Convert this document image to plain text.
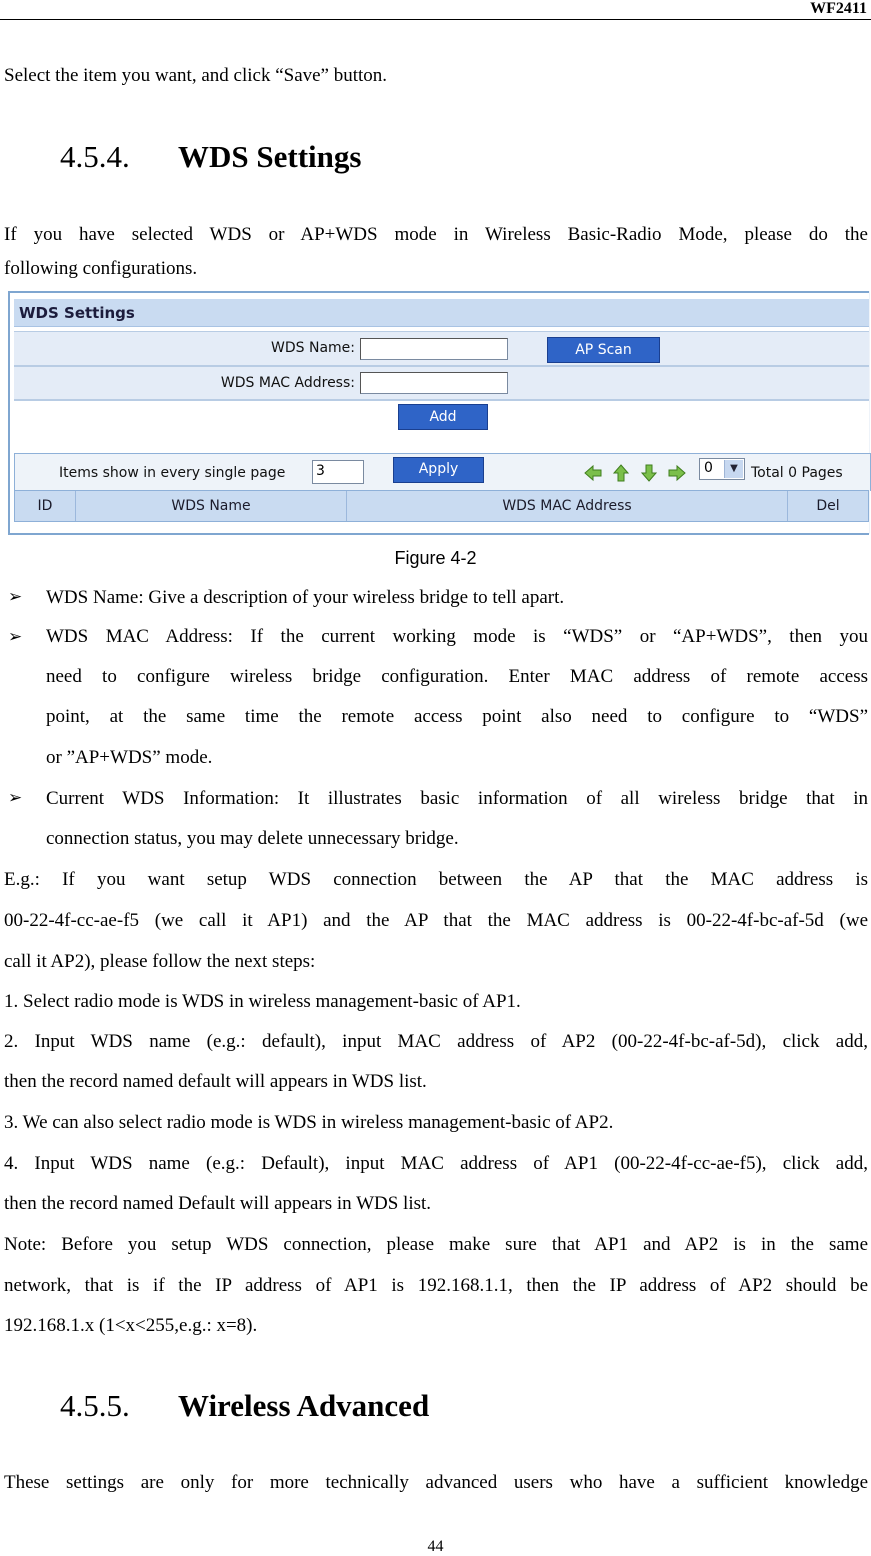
WF2411
Select the item you want, and click “Save” button.
4.5.4. WDS Settings
If you have selected WDS or AP+WDS mode in Wireless Basic-Radio Mode, please do the
following configurations.
WDS Settings
WDS Name:	AP Scan
WDS MAC Address:
Add
Items show in every single page 3	Apply	0	▼ Total 0 Pages
ID	WDS Name	WDS MAC Address	Del
Figure 4-2
➢ WDS Name: Give a description of your wireless bridge to tell apart.
➢ WDS MAC Address: If the current working mode is “WDS” or “AP+WDS”, then you
need to configure wireless bridge configuration. Enter MAC address of remote access
point, at the same time the remote access point also need to configure to “WDS”
or ”AP+WDS” mode.
➢ Current WDS Information: It illustrates basic information of all wireless bridge that in
connection status, you may delete unnecessary bridge.
E.g.: If you want setup WDS connection between the AP that the MAC address is
00-22-4f-cc-ae-f5 (we call it AP1) and the AP that the MAC address is 00-22-4f-bc-af-5d (we
call it AP2), please follow the next steps:
1. Select radio mode is WDS in wireless management-basic of AP1.
2. Input WDS name (e.g.: default), input MAC address of AP2 (00-22-4f-bc-af-5d), click add,
then the record named default will appears in WDS list.
3. We can also select radio mode is WDS in wireless management-basic of AP2.
4. Input WDS name (e.g.: Default), input MAC address of AP1 (00-22-4f-cc-ae-f5), click add,
then the record named Default will appears in WDS list.
Note: Before you setup WDS connection, please make sure that AP1 and AP2 is in the same
network, that is if the IP address of AP1 is 192.168.1.1, then the IP address of AP2 should be
192.168.1.x (1<x<255,e.g.: x=8).
4.5.5. Wireless Advanced
These settings are only for more technically advanced users who have a sufficient knowledge
44
